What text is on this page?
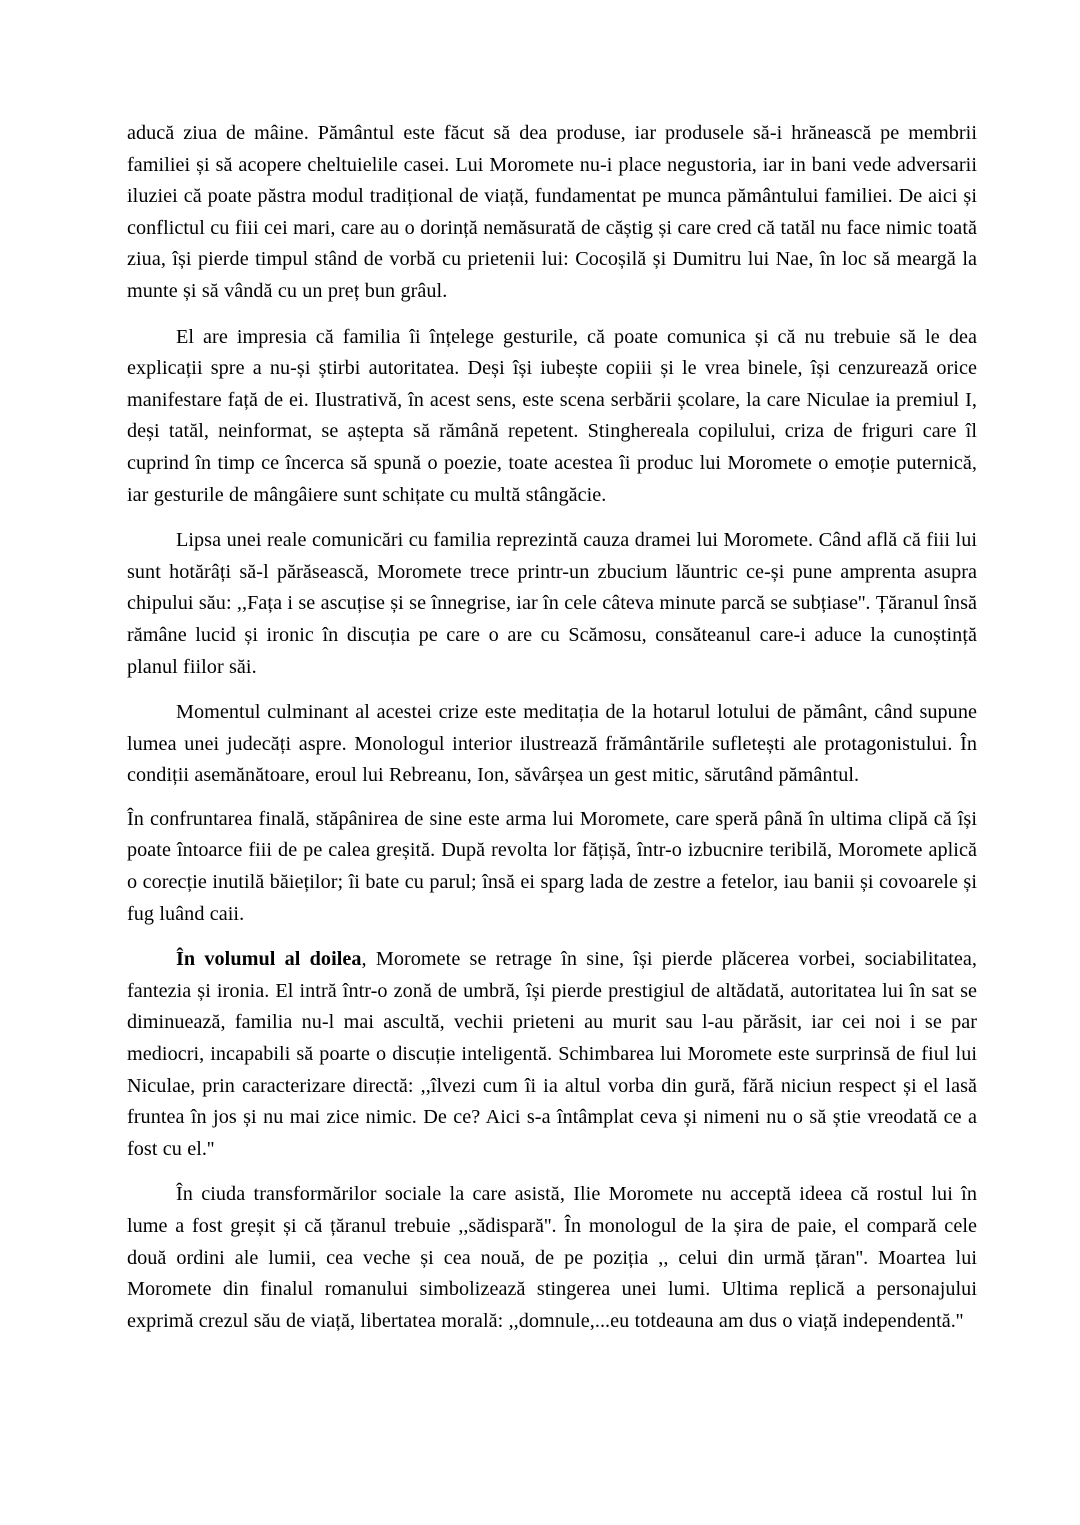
aducă ziua de mâine. Pământul este făcut să dea produse, iar produsele să-i hrănească pe membrii familiei și să acopere cheltuielile casei. Lui Moromete nu-i place negustoria, iar in bani vede adversarii iluziei că poate păstra modul tradițional de viață, fundamentat pe munca pământului familiei. De aici și conflictul cu fiii cei mari, care au o dorință nemăsurată de căștig și care cred că tatăl nu face nimic toată ziua, își pierde timpul stând de vorbă cu prietenii lui: Cocoșilă și Dumitru lui Nae, în loc să meargă la munte și să vândă cu un preț bun grâul.

El are impresia că familia îi înțelege gesturile, că poate comunica și că nu trebuie să le dea explicații spre a nu-și știrbi autoritatea. Deși își iubește copiii și le vrea binele, își cenzurează orice manifestare față de ei. Ilustrativă, în acest sens, este scena serbării școlare, la care Niculae ia premiul I, deși tatăl, neinformat, se aștepta să rămână repetent. Stinghereala copilului, criza de friguri care îl cuprind în timp ce încerca să spună o poezie, toate acestea îi produc lui Moromete o emoție puternică, iar gesturile de mângâiere sunt schițate cu multă stângăcie.

Lipsa unei reale comunicări cu familia reprezintă cauza dramei lui Moromete. Când află că fiii lui sunt hotărâți să-l părăsească, Moromete trece printr-un zbucium lăuntric ce-și pune amprenta asupra chipului său: ,,Fața i se ascuțise și se înnegrise, iar în cele câteva minute parcă se subțiase''. Țăranul însă rămâne lucid și ironic în discuția pe care o are cu Scămosu, consăteanul care-i aduce la cunoștință planul fiilor săi.

Momentul culminant al acestei crize este meditația de la hotarul lotului de pământ, când supune lumea unei judecăți aspre. Monologul interior ilustrează frământările sufletești ale protagonistului. În condiții asemănătoare, eroul lui Rebreanu, Ion, săvârșea un gest mitic, sărutând pământul.

În confruntarea finală, stăpânirea de sine este arma lui Moromete, care speră până în ultima clipă că își poate întoarce fiii de pe calea greșită. După revolta lor fățișă, într-o izbucnire teribilă, Moromete aplică o corecție inutilă băieților; îi bate cu parul; însă ei sparg lada de zestre a fetelor, iau banii și covoarele și fug luând caii.

În volumul al doilea, Moromete se retrage în sine, își pierde plăcerea vorbei, sociabilitatea, fantezia și ironia. El intră într-o zonă de umbră, își pierde prestigiul de altădată, autoritatea lui în sat se diminuează, familia nu-l mai ascultă, vechii prieteni au murit sau l-au părăsit, iar cei noi i se par mediocri, incapabili să poarte o discuție inteligentă. Schimbarea lui Moromete este surprinsă de fiul lui Niculae, prin caracterizare directă: ,,îlvezi cum îi ia altul vorba din gură, fără niciun respect și el lasă fruntea în jos și nu mai zice nimic. De ce? Aici s-a întâmplat ceva și nimeni nu o să știe vreodată ce a fost cu el.''

În ciuda transformărilor sociale la care asistă, Ilie Moromete nu acceptă ideea că rostul lui în lume a fost greșit și că țăranul trebuie ,,sădispară''. În monologul de la șira de paie, el compară cele două ordini ale lumii, cea veche și cea nouă, de pe poziția ,, celui din urmă țăran''. Moartea lui Moromete din finalul romanului simbolizează stingerea unei lumi. Ultima replică a personajului exprimă crezul său de viață, libertatea morală: ,,domnule,...eu totdeauna am dus o viață independentă.''
